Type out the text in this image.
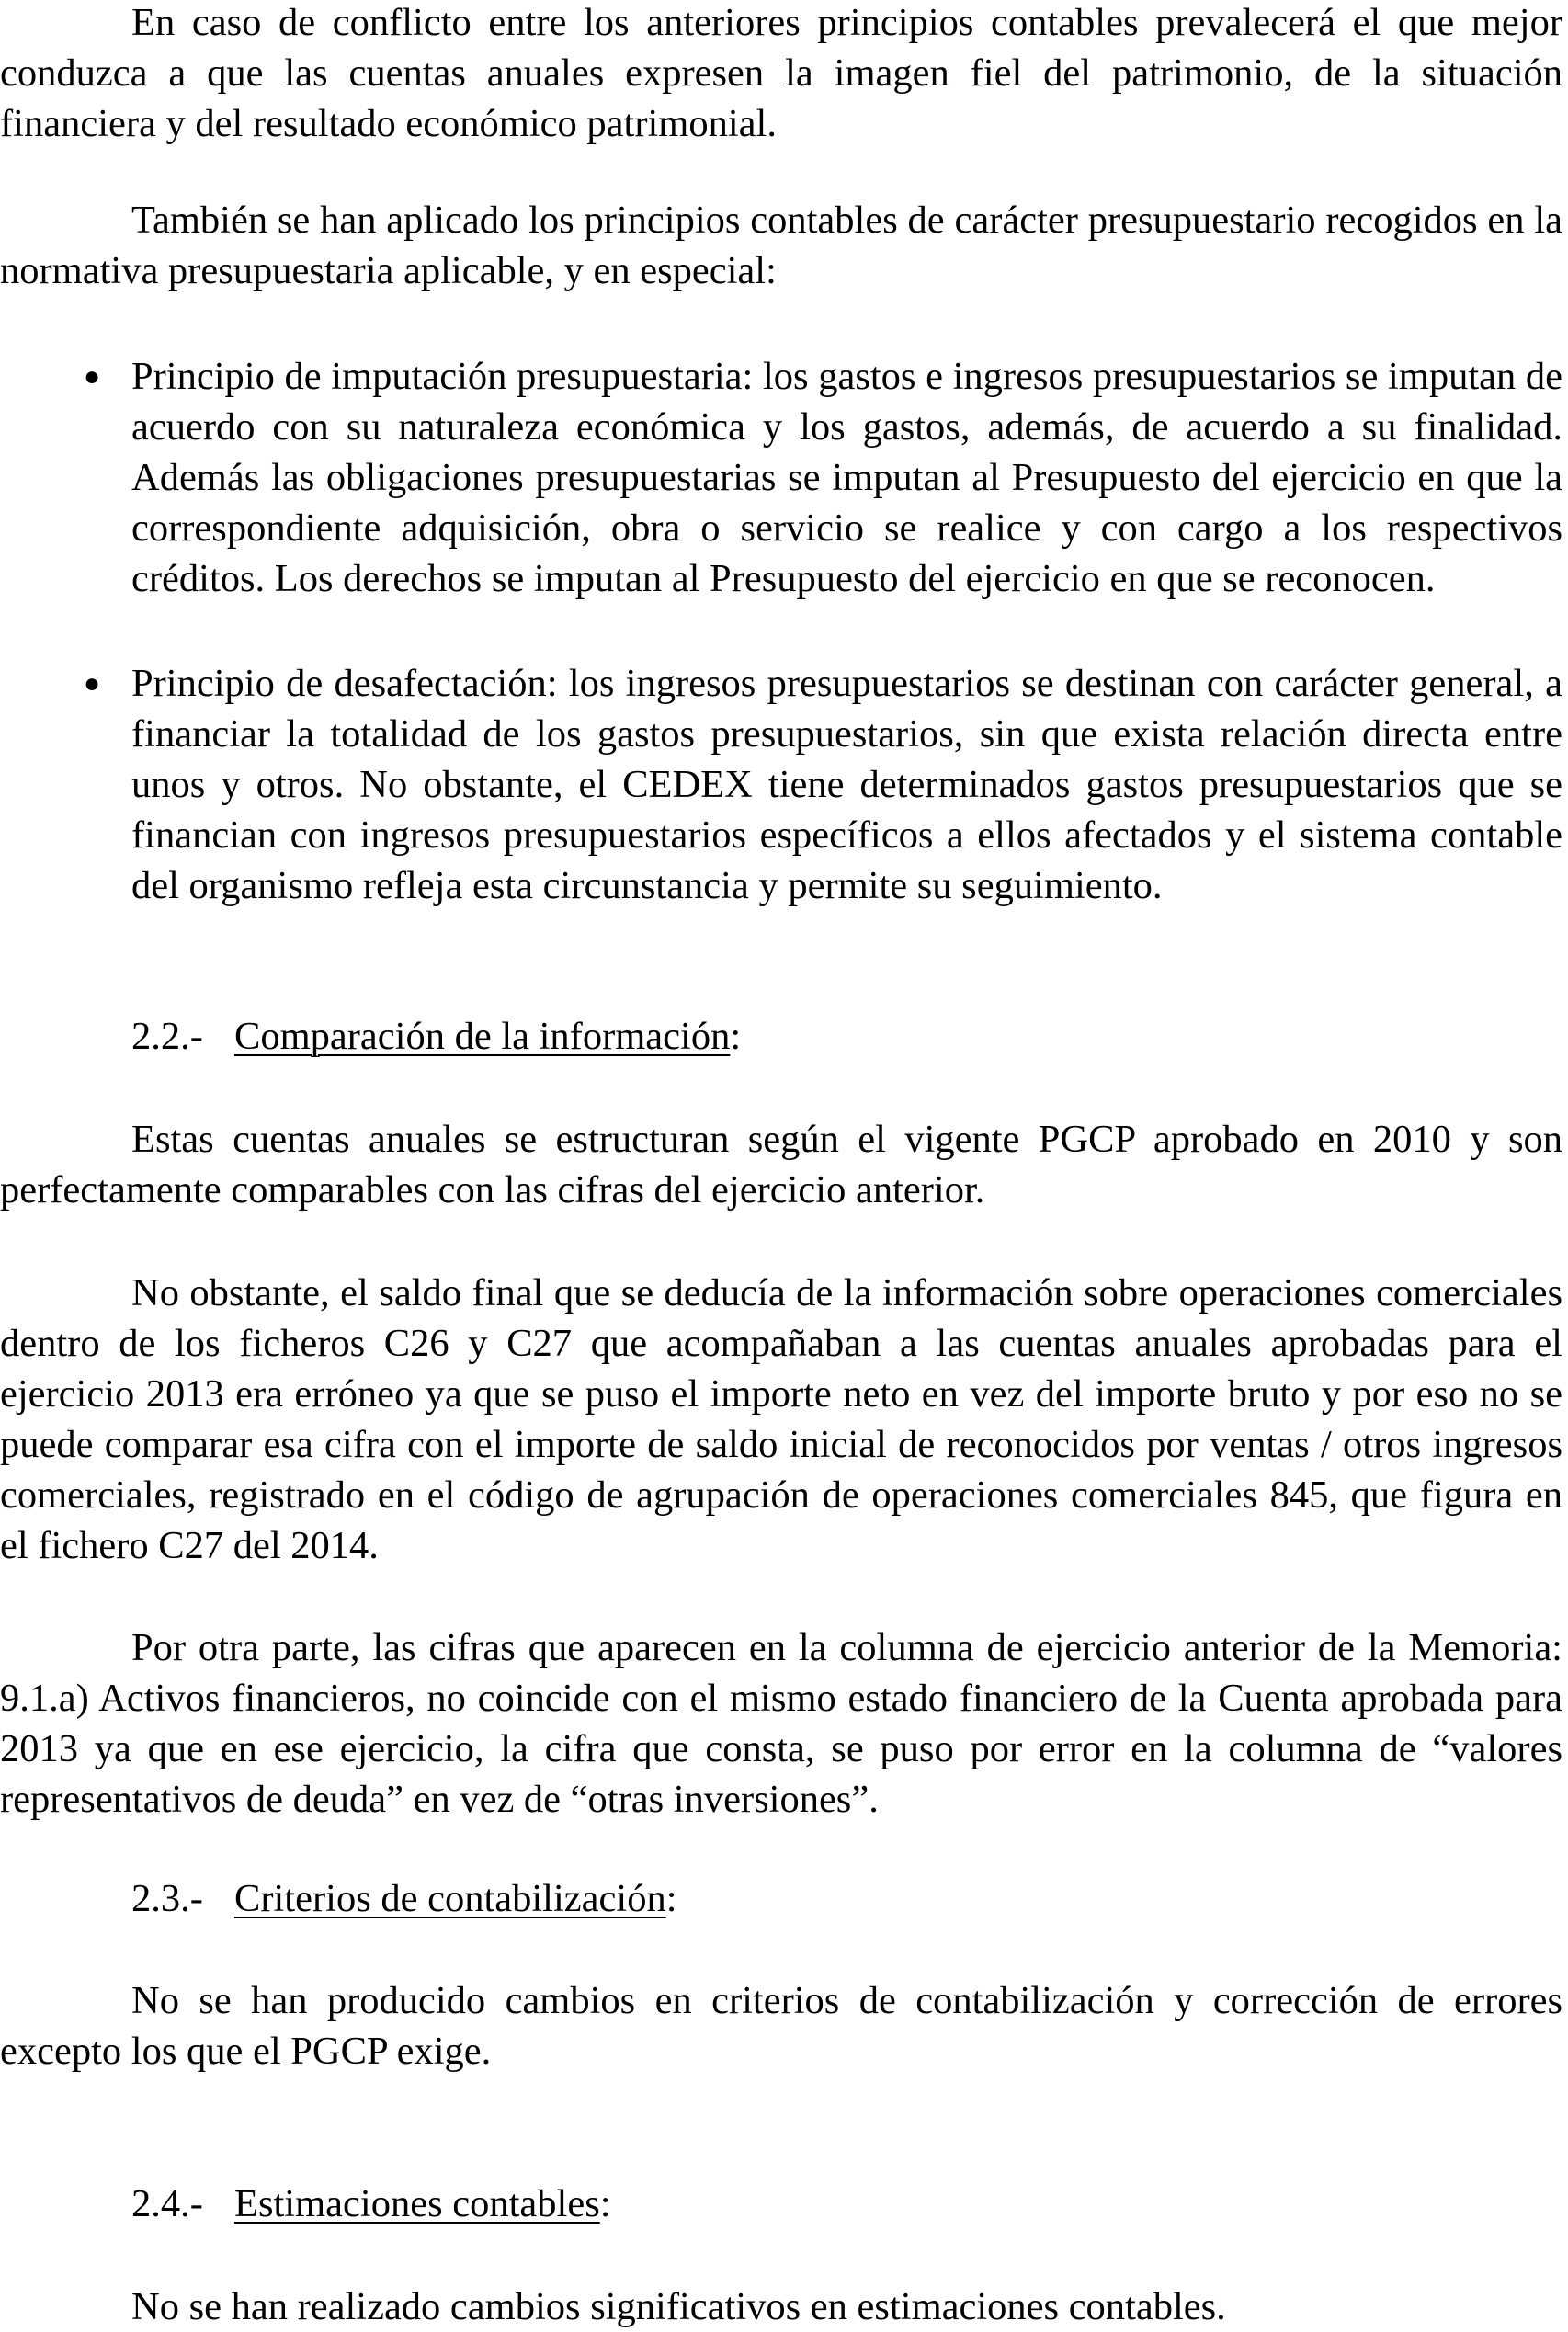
En caso de conflicto entre los anteriores principios contables prevalecerá el que mejor conduzca a que las cuentas anuales expresen la imagen fiel del patrimonio, de la situación financiera y del resultado económico patrimonial.

También se han aplicado los principios contables de carácter presupuestario recogidos en la normativa presupuestaria aplicable, y en especial:

● Principio de imputación presupuestaria: los gastos e ingresos presupuestarios se imputan de acuerdo con su naturaleza económica y los gastos, además, de acuerdo a su finalidad. Además las obligaciones presupuestarias se imputan al Presupuesto del ejercicio en que la correspondiente adquisición, obra o servicio se realice y con cargo a los respectivos créditos. Los derechos se imputan al Presupuesto del ejercicio en que se reconocen.
● Principio de desafectación: los ingresos presupuestarios se destinan con carácter general, a financiar la totalidad de los gastos presupuestarios, sin que exista relación directa entre unos y otros. No obstante, el CEDEX tiene determinados gastos presupuestarios que se financian con ingresos presupuestarios específicos a ellos afectados y el sistema contable del organismo refleja esta circunstancia y permite su seguimiento.
2.2.- Comparación de la información:

Estas cuentas anuales se estructuran según el vigente PGCP aprobado en 2010 y son perfectamente comparables con las cifras del ejercicio anterior.

No obstante, el saldo final que se deducía de la información sobre operaciones comerciales dentro de los ficheros C26 y C27 que acompañaban a las cuentas anuales aprobadas para el ejercicio 2013 era erróneo ya que se puso el importe neto en vez del importe bruto y por eso no se puede comparar esa cifra con el importe de saldo inicial de reconocidos por ventas / otros ingresos comerciales, registrado en el código de agrupación de operaciones comerciales 845, que figura en el fichero C27 del 2014.

Por otra parte, las cifras que aparecen en la columna de ejercicio anterior de la Memoria: 9.1.a) Activos financieros, no coincide con el mismo estado financiero de la Cuenta aprobada para 2013 ya que en ese ejercicio, la cifra que consta, se puso por error en la columna de “valores representativos de deuda” en vez de “otras inversiones”.

2.3.- Criterios de contabilización:

No se han producido cambios en criterios de contabilización y corrección de errores excepto los que el PGCP exige.

2.4.- Estimaciones contables:

No se han realizado cambios significativos en estimaciones contables.
